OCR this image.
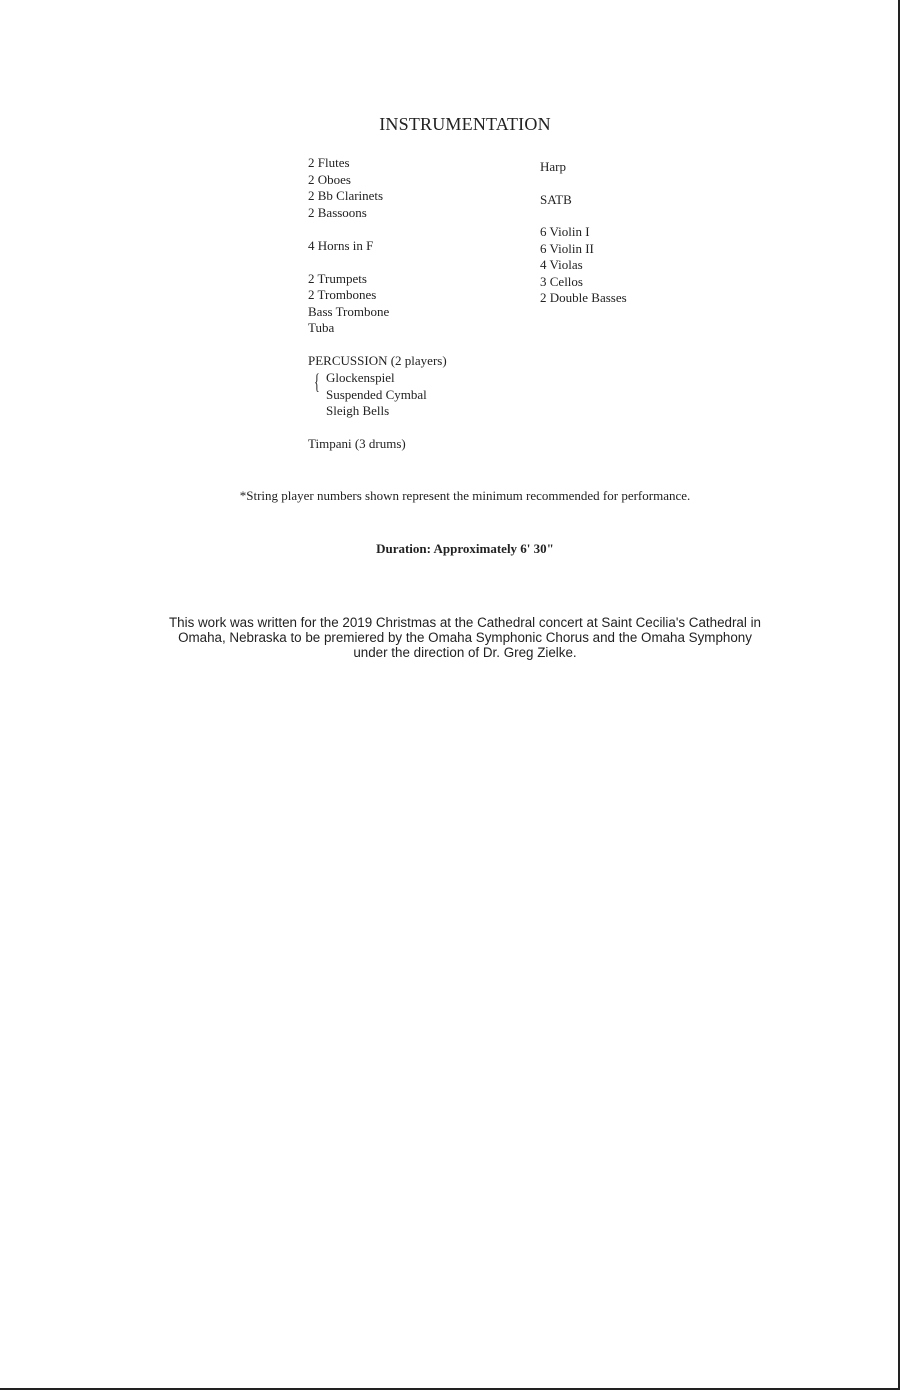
INSTRUMENTATION
2 Flutes
2 Oboes
2 Bb Clarinets
2 Bassoons
4 Horns in F
2 Trumpets
2 Trombones
Bass Trombone
Tuba
PERCUSSION (2 players)
{ Glockenspiel
Suspended Cymbal
Sleigh Bells
Timpani (3 drums)
Harp
SATB
6 Violin I
6 Violin II
4 Violas
3 Cellos
2 Double Basses
*String player numbers shown represent the minimum recommended for performance.
Duration: Approximately 6' 30"
This work was written for the 2019 Christmas at the Cathedral concert at Saint Cecilia's Cathedral in
Omaha, Nebraska to be premiered by the Omaha Symphonic Chorus and the Omaha Symphony
under the direction of Dr. Greg Zielke.
